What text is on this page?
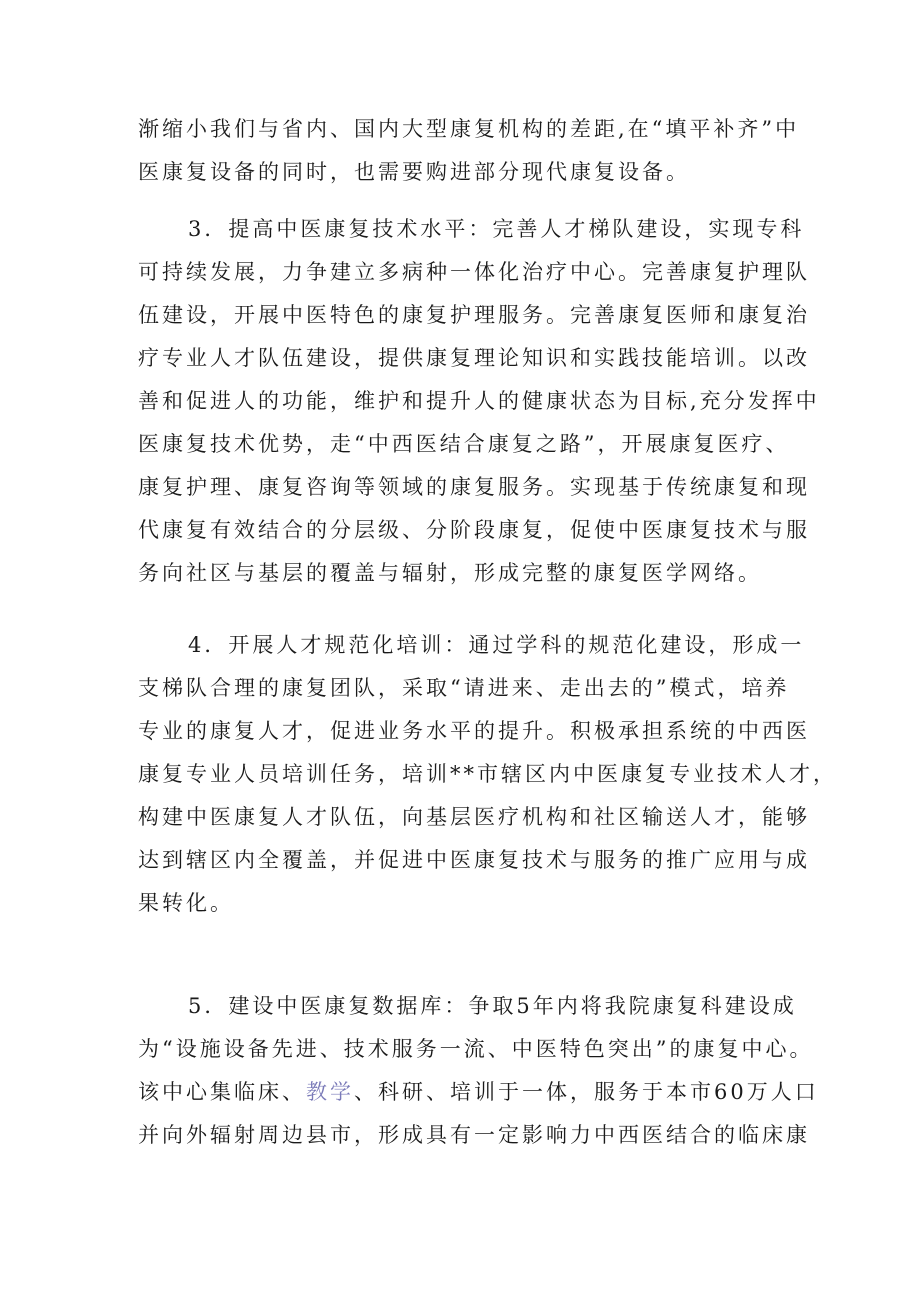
渐缩小我们与省内、国内大型康复机构的差距,在“填平补齐”中
医康复设备的同时，也需要购进部分现代康复设备。
3．提高中医康复技术水平：完善人才梯队建设，实现专科
可持续发展，力争建立多病种一体化治疗中心。完善康复护理队
伍建设，开展中医特色的康复护理服务。完善康复医师和康复治
疗专业人才队伍建设，提供康复理论知识和实践技能培训。以改
善和促进人的功能，维护和提升人的健康状态为目标,充分发挥中
医康复技术优势，走“中西医结合康复之路”，开展康复医疗、
康复护理、康复咨询等领域的康复服务。实现基于传统康复和现
代康复有效结合的分层级、分阶段康复，促使中医康复技术与服
务向社区与基层的覆盖与辐射，形成完整的康复医学网络。
4．开展人才规范化培训：通过学科的规范化建设，形成一
支梯队合理的康复团队，采取“请进来、走出去的”模式，培养
专业的康复人才，促进业务水平的提升。积极承担系统的中西医
康复专业人员培训任务，培训**市辖区内中医康复专业技术人才，
构建中医康复人才队伍，向基层医疗机构和社区输送人才，能够
达到辖区内全覆盖，并促进中医康复技术与服务的推广应用与成
果转化。
5．建设中医康复数据库：争取5年内将我院康复科建设成
为“设施设备先进、技术服务一流、中医特色突出”的康复中心。
该中心集临床、教学、科研、培训于一体，服务于本市60万人口
并向外辐射周边县市，形成具有一定影响力中西医结合的临床康
